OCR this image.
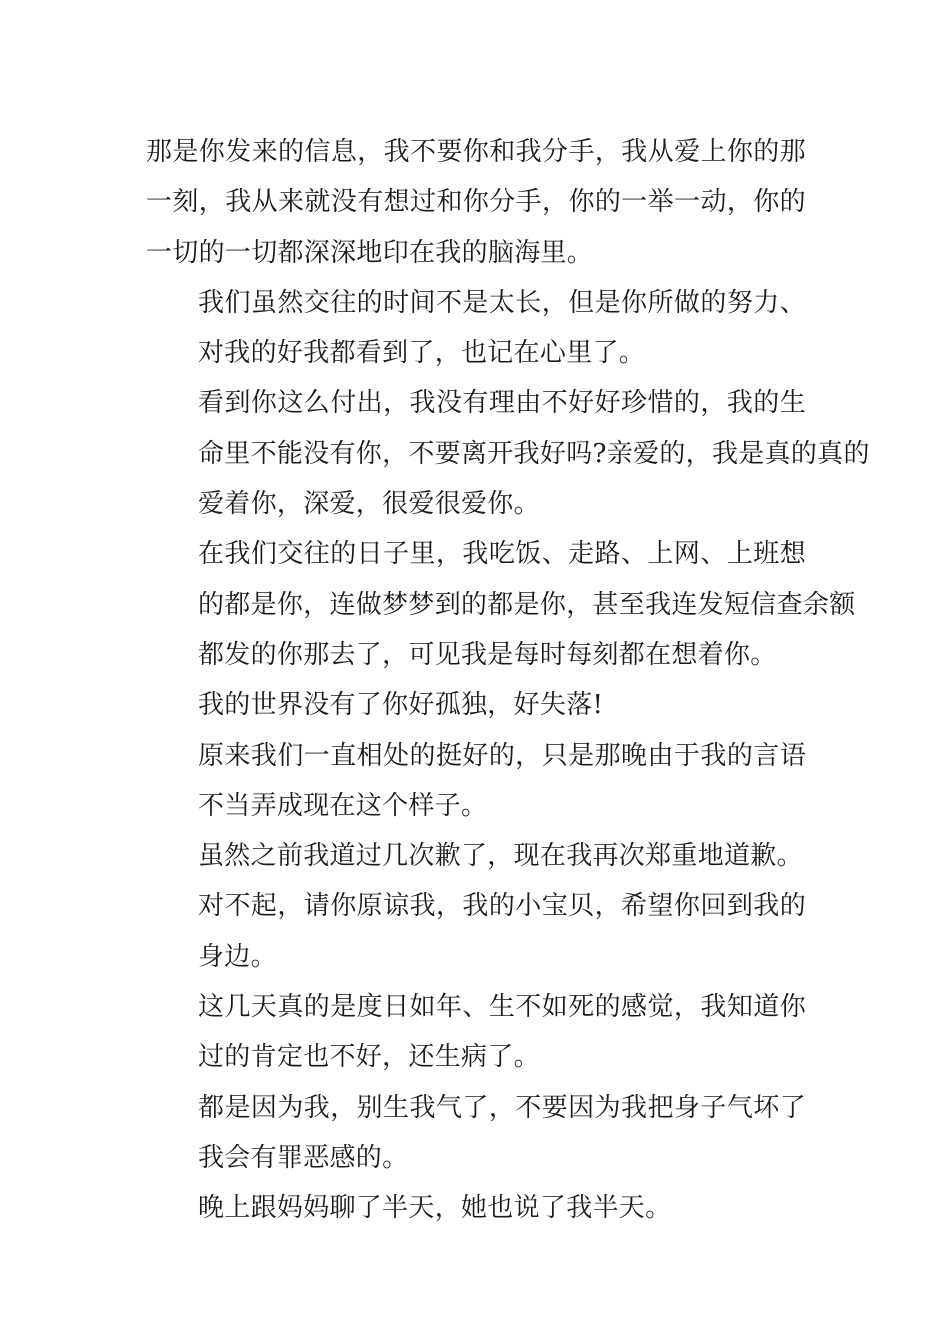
那是你发来的信息，我不要你和我分手，我从爱上你的那
一刻，我从来就没有想过和你分手，你的一举一动，你的
一切的一切都深深地印在我的脑海里。
我们虽然交往的时间不是太长，但是你所做的努力、
对我的好我都看到了，也记在心里了。
看到你这么付出，我没有理由不好好珍惜的，我的生
命里不能没有你，不要离开我好吗?亲爱的，我是真的真的
爱着你，深爱，很爱很爱你。
在我们交往的日子里，我吃饭、走路、上网、上班想
的都是你，连做梦梦到的都是你，甚至我连发短信查余额
都发的你那去了，可见我是每时每刻都在想着你。
我的世界没有了你好孤独，好失落!
原来我们一直相处的挺好的，只是那晚由于我的言语
不当弄成现在这个样子。
虽然之前我道过几次歉了，现在我再次郑重地道歉。
对不起，请你原谅我，我的小宝贝，希望你回到我的
身边。
这几天真的是度日如年、生不如死的感觉，我知道你
过的肯定也不好，还生病了。
都是因为我，别生我气了，不要因为我把身子气坏了
我会有罪恶感的。
晚上跟妈妈聊了半天，她也说了我半天。
